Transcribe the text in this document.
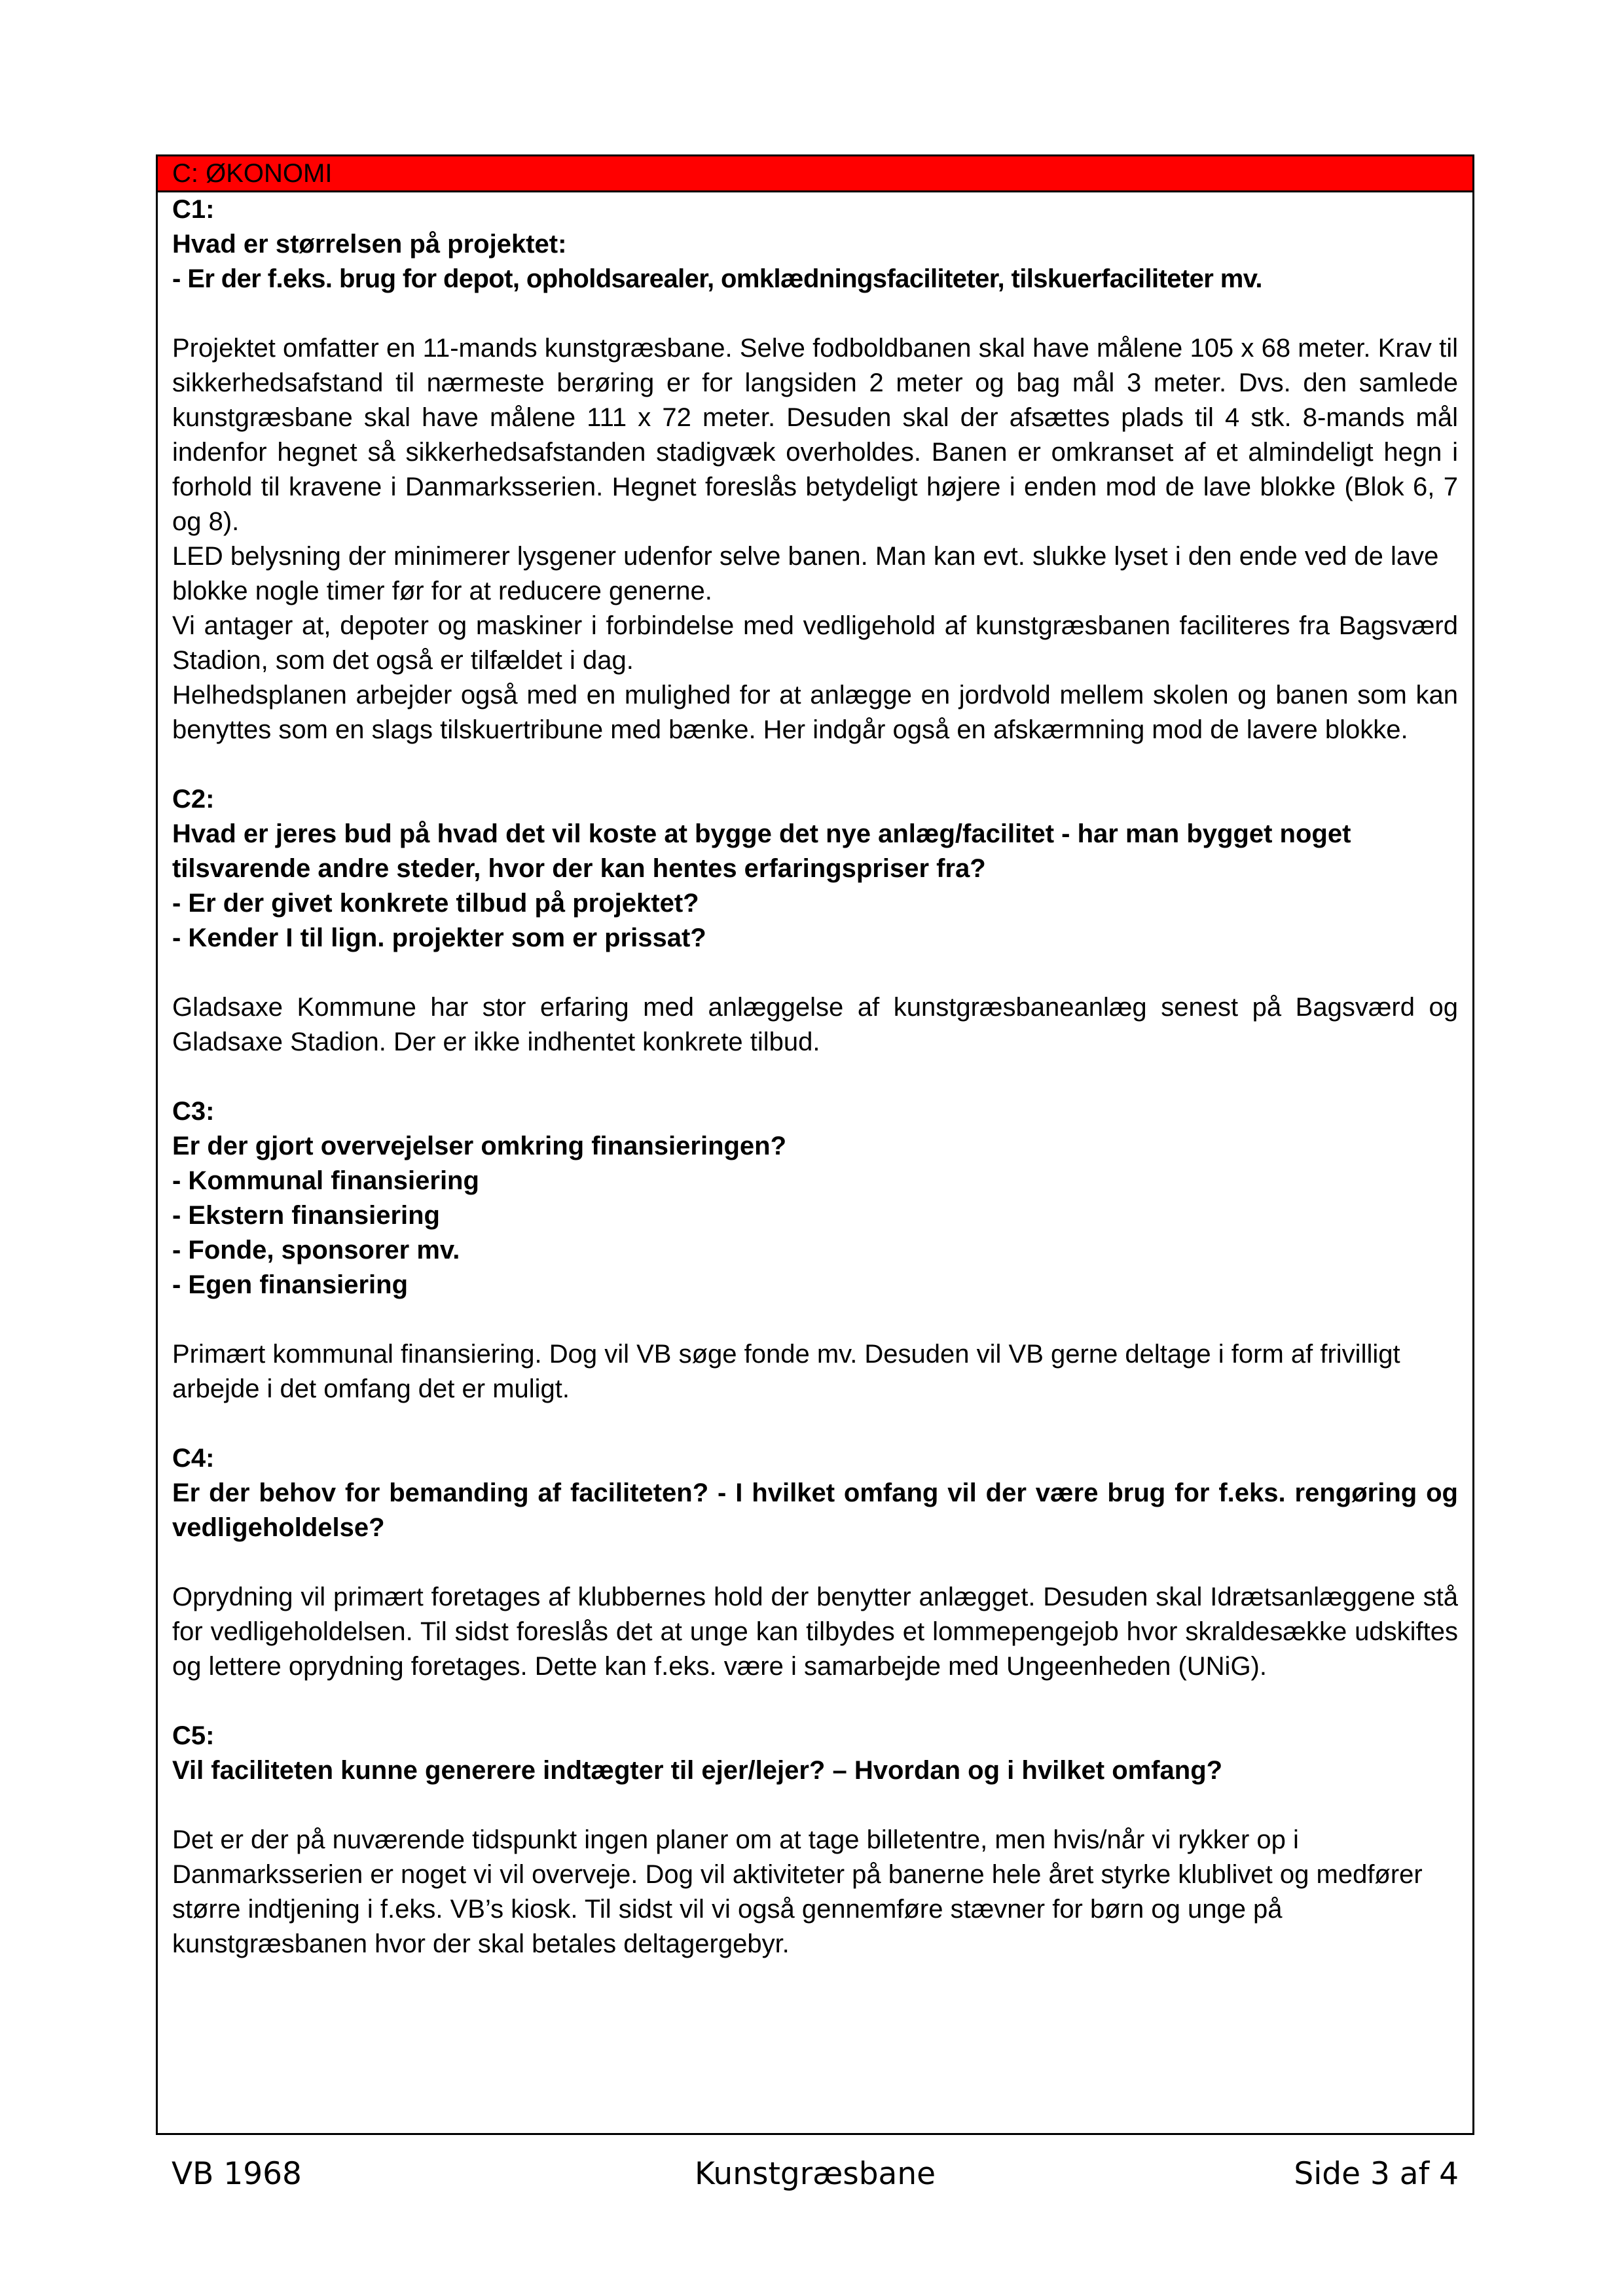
C: ØKONOMI

C1:

Hvad er størrelsen på projektet:

- Er der f.eks. brug for depot, opholdsarealer, omklædningsfaciliteter, tilskuerfaciliteter mv.

Projektet omfatter en 11-mands kunstgræsbane. Selve fodboldbanen skal have målene 105 x 68 meter. Krav til sikkerhedsafstand til nærmeste berøring er for langsiden 2 meter og bag mål 3 meter. Dvs. den samlede kunstgræsbane skal have målene 111 x 72 meter. Desuden skal der afsættes plads til 4 stk. 8-mands mål indenfor hegnet så sikkerhedsafstanden stadigvæk overholdes. Banen er omkranset af et almindeligt hegn i forhold til kravene i Danmarksserien. Hegnet foreslås betydeligt højere i enden mod de lave blokke (Blok 6, 7 og 8).

LED belysning der minimerer lysgener udenfor selve banen. Man kan evt. slukke lyset i den ende ved de lave blokke nogle timer før for at reducere generne.

Vi antager at, depoter og maskiner i forbindelse med vedligehold af kunstgræsbanen faciliteres fra Bagsværd Stadion, som det også er tilfældet i dag.

Helhedsplanen arbejder også med en mulighed for at anlægge en jordvold mellem skolen og banen som kan benyttes som en slags tilskuertribune med bænke. Her indgår også en afskærmning mod de lavere blokke.

C2:

Hvad er jeres bud på hvad det vil koste at bygge det nye anlæg/facilitet - har man bygget noget tilsvarende andre steder, hvor der kan hentes erfaringspriser fra?

- Er der givet konkrete tilbud på projektet?

- Kender I til lign. projekter som er prissat?

Gladsaxe Kommune har stor erfaring med anlæggelse af kunstgræsbaneanlæg senest på Bagsværd og Gladsaxe Stadion. Der er ikke indhentet konkrete tilbud.

C3:

Er der gjort overvejelser omkring finansieringen?

- Kommunal finansiering

- Ekstern finansiering

- Fonde, sponsorer mv.

- Egen finansiering

Primært kommunal finansiering. Dog vil VB søge fonde mv. Desuden vil VB gerne deltage i form af frivilligt arbejde i det omfang det er muligt.

C4:

Er der behov for bemanding af faciliteten? - I hvilket omfang vil der være brug for f.eks. rengøring og vedligeholdelse?

Oprydning vil primært foretages af klubbernes hold der benytter anlægget. Desuden skal Idrætsanlæggene stå for vedligeholdelsen. Til sidst foreslås det at unge kan tilbydes et lommepengejob hvor skraldesække udskiftes og lettere oprydning foretages. Dette kan f.eks. være i samarbejde med Ungeenheden (UNiG).

C5:

Vil faciliteten kunne generere indtægter til ejer/lejer? – Hvordan og i hvilket omfang?

Det er der på nuværende tidspunkt ingen planer om at tage billetentre, men hvis/når vi rykker op i Danmarksserien er noget vi vil overveje. Dog vil aktiviteter på banerne hele året styrke klublivet og medfører større indtjening i f.eks. VB’s kiosk. Til sidst vil vi også gennemføre stævner for børn og unge på kunstgræsbanen hvor der skal betales deltagergebyr.

VB 1968	Kunstgræsbane	Side 3 af 4
